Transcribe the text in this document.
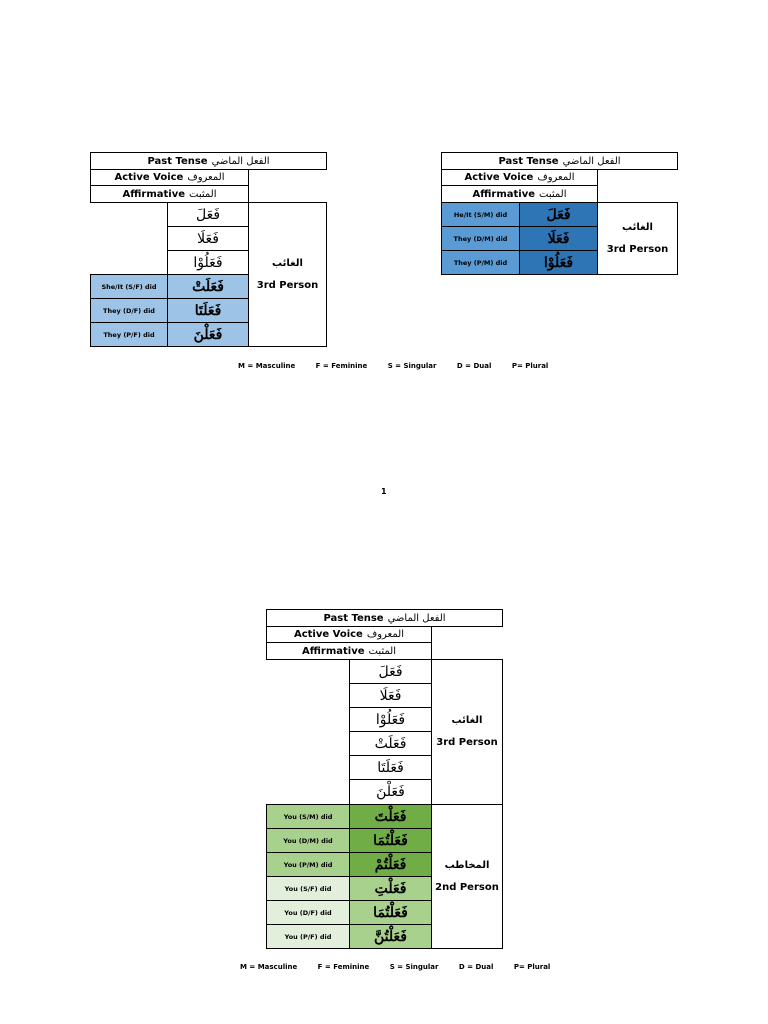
Past Tense الفعل الماضي
Active Voice المعروف
Affirmative المثبت
فَعَلَ
فَعَلَا
فَعَلُوْا
She/It (S/F) did	فَعَلَتْ
They (D/F) did	فَعَلَتَا
They (P/F) did	فَعَلْنَ
الغائب
3rd Person
Past Tense الفعل الماضي
Active Voice المعروف
Affirmative المثبت
He/It (S/M) did	فَعَلَ
They (D/M) did	فَعَلَا
They (P/M) did	فَعَلُوْا
الغائب
3rd Person
M = Masculine	F = Feminine	S = Singular	D = Dual	P= Plural
1
Past Tense الفعل الماضي
Active Voice المعروف
Affirmative المثبت
فَعَلَ
فَعَلَا
فَعَلُوْا
فَعَلَتْ
فَعَلَتَا
فَعَلْنَ
الغائب
3rd Person
You (S/M) did	فَعَلْتَ
You (D/M) did	فَعَلْتُمَا
You (P/M) did	فَعَلْتُمْ
You (S/F) did	فَعَلْتِ
You (D/F) did	فَعَلْتُمَا
You (P/F) did	فَعَلْتُنَّ
المخاطب
2nd Person
M = Masculine	F = Feminine	S = Singular	D = Dual	P= Plural
